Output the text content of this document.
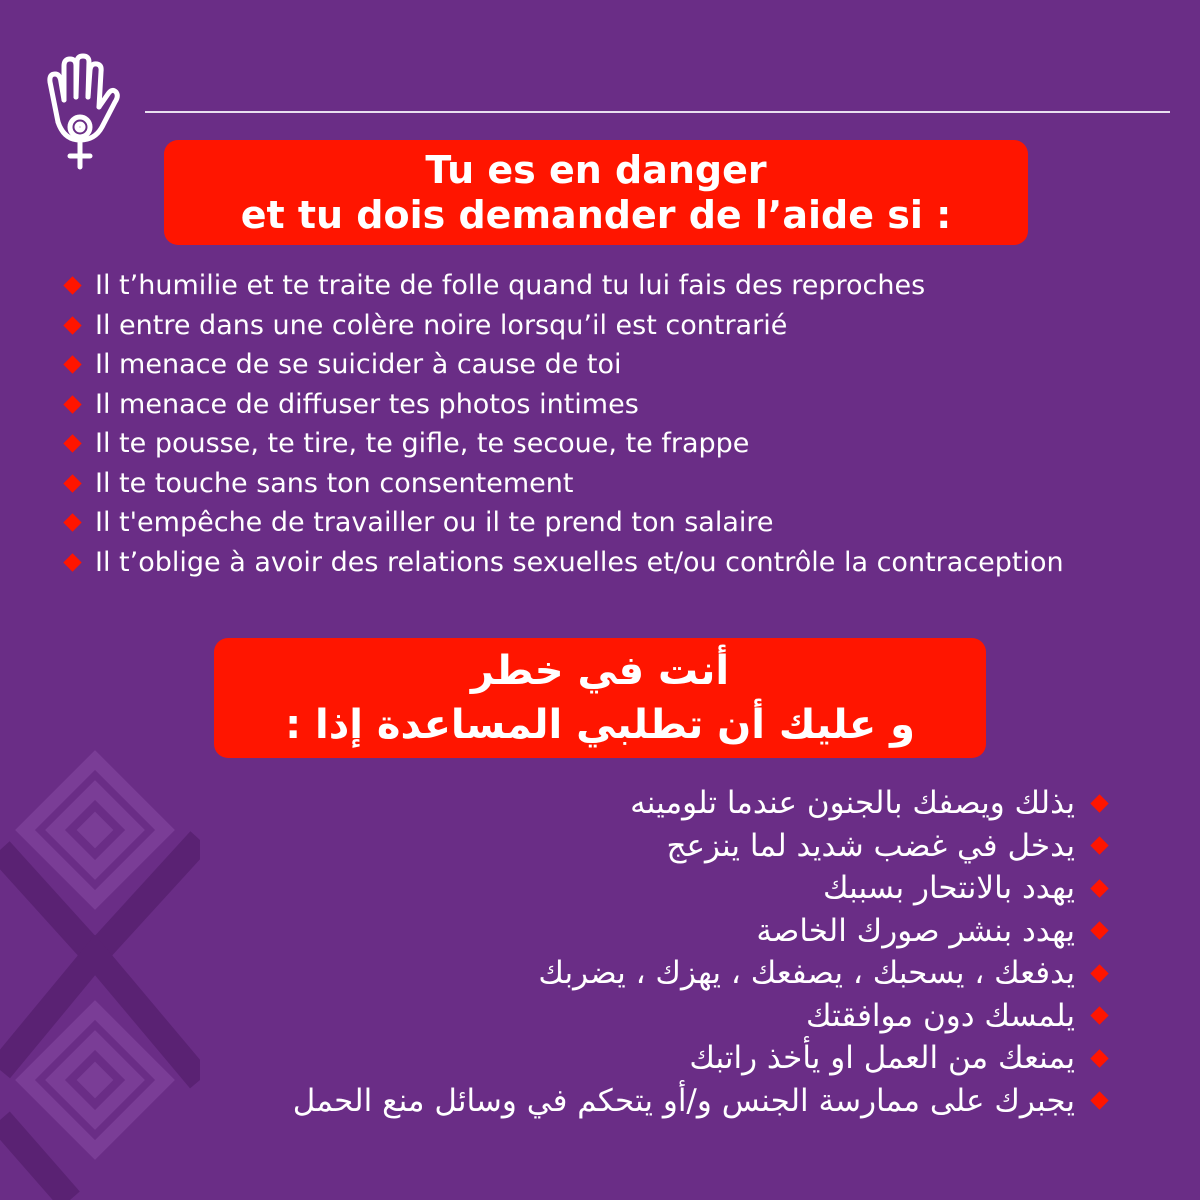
Tu es en danger
et tu dois demander de l’aide si :
Il t’humilie et te traite de folle quand tu lui fais des reproches
Il entre dans une colère noire lorsqu’il est contrarié
Il menace de se suicider à cause de toi
Il menace de diffuser tes photos intimes
Il te pousse, te tire, te gifle, te secoue, te frappe
Il te touche sans ton consentement
Il t'empêche de travailler ou il te prend ton salaire
Il t’oblige à avoir des relations sexuelles et/ou contrôle la contraception
أنت في خطر
و عليك أن تطلبي المساعدة إذا :
يذلك ويصفك بالجنون عندما تلومينه
يدخل في غضب شديد لما ينزعج
يهدد بالانتحار بسببك
يهدد بنشر صورك الخاصة
يدفعك ، يسحبك ، يصفعك ، يهزك ، يضربك
يلمسك دون موافقتك
يمنعك من العمل او يأخذ راتبك
يجبرك على ممارسة الجنس و/أو يتحكم في وسائل منع الحمل
